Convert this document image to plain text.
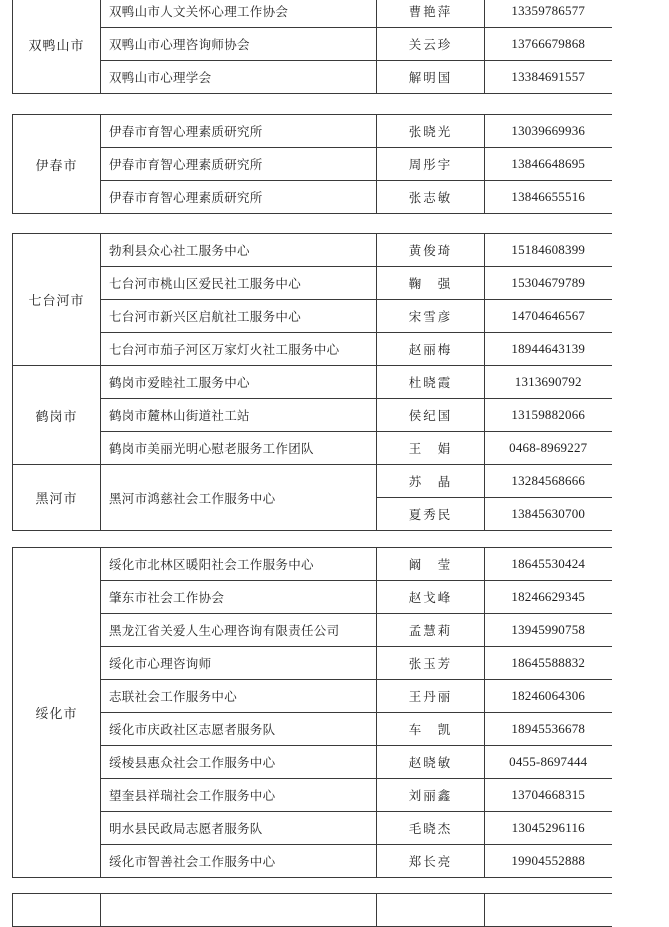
双鸭山市	双鸭山市人文关怀心理工作协会	曹艳萍	13359786577
	双鸭山市心理咨询师协会	关云珍	13766679868
	双鸭山市心理学会	解明国	13384691557
伊春市	伊春市育智心理素质研究所	张晓光	13039669936
	伊春市育智心理素质研究所	周彤宇	13846648695
	伊春市育智心理素质研究所	张志敏	13846655516
七台河市	勃利县众心社工服务中心	黄俊琦	15184608399
	七台河市桃山区爱民社工服务中心	鞠　强	15304679789
	七台河市新兴区启航社工服务中心	宋雪彦	14704646567
	七台河市茄子河区万家灯火社工服务中心	赵丽梅	18944643139
鹤岗市	鹤岗市爱睦社工服务中心	杜晓霞	1313690792
	鹤岗市麓林山街道社工站	侯纪国	13159882066
	鹤岗市美丽光明心慰老服务工作团队	王　娟	0468-8969227
黑河市	黑河市鸿慈社会工作服务中心	苏　晶	13284568666
		夏秀民	13845630700
绥化市	绥化市北林区暖阳社会工作服务中心	阚　莹	18645530424
	肇东市社会工作协会	赵戈峰	18246629345
	黑龙江省关爱人生心理咨询有限责任公司	孟慧莉	13945990758
	绥化市心理咨询师	张玉芳	18645588832
	志联社会工作服务中心	王丹丽	18246064306
	绥化市庆政社区志愿者服务队	车　凯	18945536678
	绥棱县惠众社会工作服务中心	赵晓敏	0455-8697444
	望奎县祥瑞社会工作服务中心	刘丽鑫	13704668315
	明水县民政局志愿者服务队	毛晓杰	13045296116
	绥化市智善社会工作服务中心	郑长亮	19904552888
